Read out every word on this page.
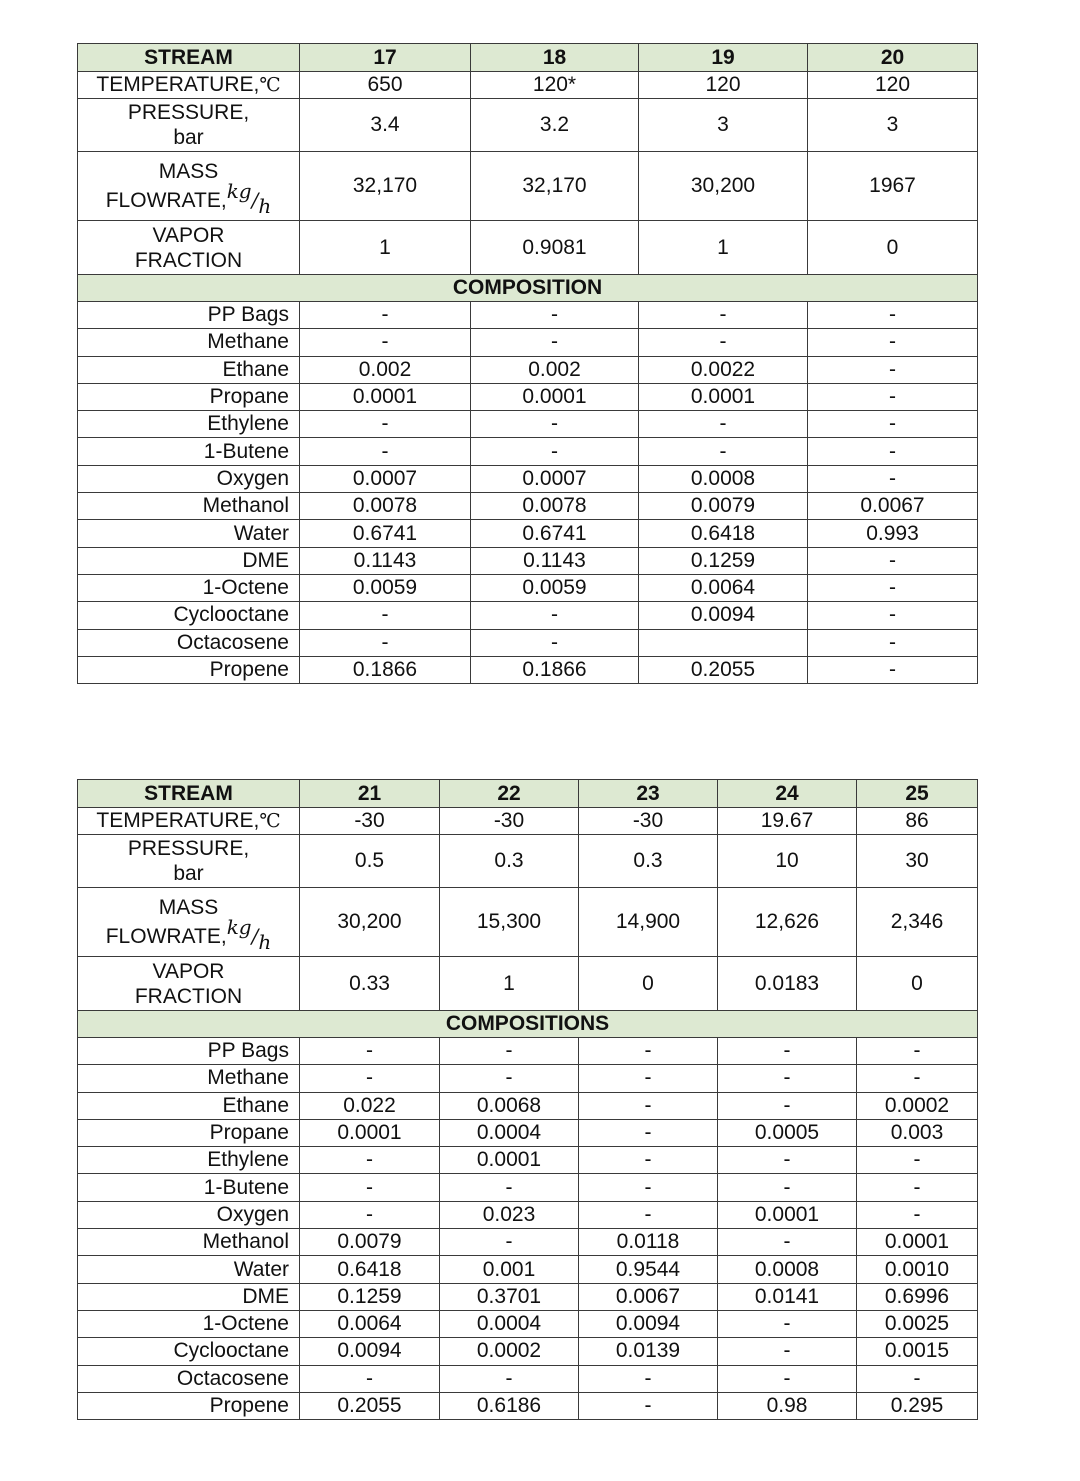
STREAM	17	18	19	20
TEMPERATURE,℃	650	120*	120	120

PRESSURE,
bar	3.4	3.2	3	3

MASS
FLOWRATE,kg/h	32,170	32,170	30,200	1967

VAPOR
FRACTION	1	0.9081	1	0
COMPOSITION				
PP Bags	-	-	-	-
Methane	-	-	-	-
Ethane	0.002	0.002	0.0022	-
Propane	0.0001	0.0001	0.0001	-
Ethylene	-	-	-	-
1-Butene	-	-	-	-
Oxygen	0.0007	0.0007	0.0008	-
Methanol	0.0078	0.0078	0.0079	0.0067
Water	0.6741	0.6741	0.6418	0.993
DME	0.1143	0.1143	0.1259	-
1-Octene	0.0059	0.0059	0.0064	-
Cyclooctane	-	-	0.0094	-
Octacosene	-	-		-
Propene	0.1866	0.1866	0.2055	-
STREAM	21	22	23	24	25
TEMPERATURE,℃	-30	-30	-30	19.67	86

PRESSURE,
bar	0.5	0.3	0.3	10	30

MASS
FLOWRATE,kg/h	30,200	15,300	14,900	12,626	2,346

VAPOR
FRACTION	0.33	1	0	0.0183	0
COMPOSITIONS					
PP Bags	-	-	-	-	-
Methane	-	-	-	-	-
Ethane	0.022	0.0068	-	-	0.0002
Propane	0.0001	0.0004	-	0.0005	0.003
Ethylene	-	0.0001	-	-	-
1-Butene	-	-	-	-	-
Oxygen	-	0.023	-	0.0001	-
Methanol	0.0079	-	0.0118	-	0.0001
Water	0.6418	0.001	0.9544	0.0008	0.0010
DME	0.1259	0.3701	0.0067	0.0141	0.6996
1-Octene	0.0064	0.0004	0.0094	-	0.0025
Cyclooctane	0.0094	0.0002	0.0139	-	0.0015
Octacosene	-	-	-	-	-
Propene	0.2055	0.6186	-	0.98	0.295
